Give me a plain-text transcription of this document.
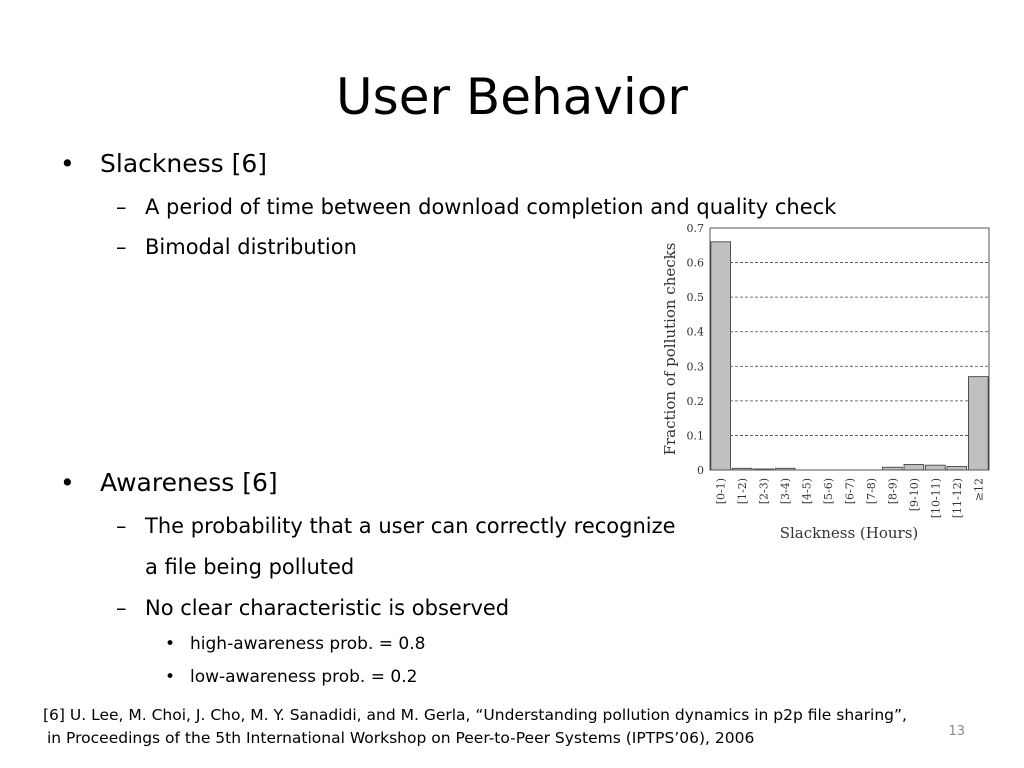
User Behavior
• Slackness [6]
– A period of time between download completion and quality check
– Bimodal distribution
• Awareness [6]
– The probability that a user can correctly recognize
a file being polluted
– No clear characteristic is observed
• high-awareness prob. = 0.8
• low-awareness prob. = 0.2
0
0.1
0.2
0.3
0.4
0.5
0.6
0.7
[0-1) [1-2) [2-3) [3-4) [4-5) [5-6) [6-7) [7-8) [8-9) [9-10) [10-11) [11-12) ≥12
Fraction of pollution checks
Slackness (Hours)
[6] U. Lee, M. Choi, J. Cho, M. Y. Sanadidi, and M. Gerla, “Understanding pollution dynamics in p2p file sharing”,
in Proceedings of the 5th International Workshop on Peer-to-Peer Systems (IPTPS’06), 2006	13
